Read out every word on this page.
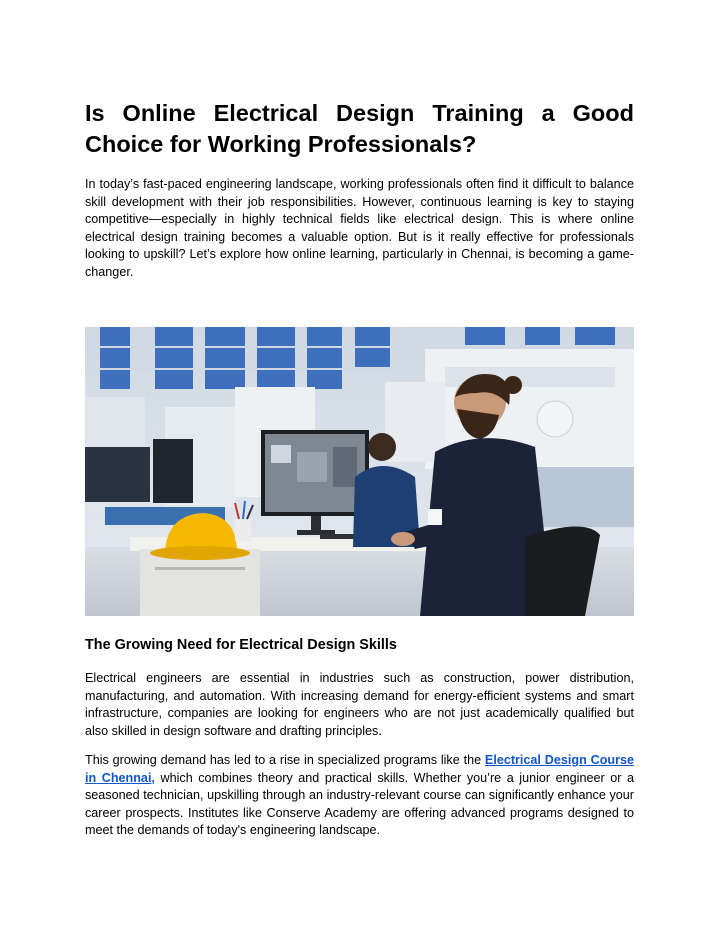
Is Online Electrical Design Training a Good
Choice for Working Professionals?

In today’s fast-paced engineering landscape, working professionals often find it difficult to balance skill development with their job responsibilities. However, continuous learning is key to staying competitive—especially in highly technical fields like electrical design. This is where online electrical design training becomes a valuable option. But is it really effective for professionals looking to upskill? Let’s explore how online learning, particularly in Chennai, is becoming a game-changer.

The Growing Need for Electrical Design Skills

Electrical engineers are essential in industries such as construction, power distribution, manufacturing, and automation. With increasing demand for energy-efficient systems and smart infrastructure, companies are looking for engineers who are not just academically qualified but also skilled in design software and drafting principles.

This growing demand has led to a rise in specialized programs like the Electrical Design Course in Chennai, which combines theory and practical skills. Whether you’re a junior engineer or a seasoned technician, upskilling through an industry-relevant course can significantly enhance your career prospects. Institutes like Conserve Academy are offering advanced programs designed to meet the demands of today's engineering landscape.
